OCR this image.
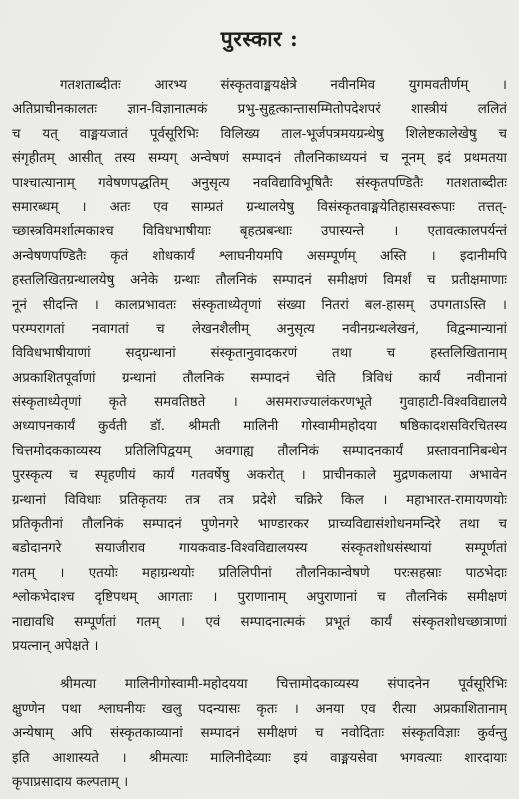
पुरस्कार :
गतशताब्दीतः आरभ्य संस्कृतवाङ्मयक्षेत्रे नवीनमिव युगमवतीर्णम् ।
अतिप्राचीनकालतः ज्ञान-विज्ञानात्मकं प्रभु-सुहृत्कान्तासम्मितोपदेशपरं शास्त्रीयं ललितं
च यत् वाङ्मयजातं पूर्वसूरिभिः विलिख्य ताल-भूर्जपत्रमयग्रन्थेषु शिलेष्टकालेखेषु च
संगृहीतम् आसीत् तस्य सम्यग् अन्वेषणं सम्पादनं तौलनिकाध्ययनं च नूनम् इदं प्रथमतया
पाश्चात्यानाम् गवेषणपद्धतिम् अनुसृत्य नवविद्याविभूषितैः संस्कृतपण्डितैः गतशताब्दीतः
समारब्धम् । अतः एव साम्प्रतं ग्रन्थालयेषु विसंस्कृतवाङ्मयेतिहासस्वरूपाः तत्तत्-
च्छास्त्रविमर्शात्मकाश्च विविधभाषीयाः बृहत्प्रबन्धाः उपास्यन्ते । एतावत्कालपर्यन्तं
अन्वेषणपण्डितैः कृतं शोधकार्यं श्लाघनीयमपि असम्पूर्णम् अस्ति । इदानीमपि
हस्तलिखितग्रन्थालयेषु अनेके ग्रन्थाः तौलनिकं सम्पादनं समीक्षणं विमर्शं च प्रतीक्षमाणाः
नूनं सीदन्ति । कालप्रभावतः संस्कृताध्येतृणां संख्या नितरां बल-हासम् उपगताऽस्ति ।
परम्परागतां नवागतां च लेखनशैलीम् अनुसृत्य नवीनग्रन्थलेखनं, विद्वन्मान्यानां
विविधभाषीयाणां सद्ग्रन्थानां संस्कृतानुवादकरणं तथा च हस्तलिखितानाम्
अप्रकाशितपूर्वाणां ग्रन्थानां तौलनिकं सम्पादनं चेति त्रिविधं कार्यं नवीनानां
संस्कृताध्येतृणां कृते समवतिष्ठते । असमराज्यालंकरणभूते गुवाहाटी-विश्वविद्यालये
अध्यापनकार्यं कुर्वती डॉ. श्रीमती मालिनी गोस्वामीमहोदया षष्ठिकादशसविरचितस्य
चित्तमोदककाव्यस्य प्रतिलिपिद्वयम् अवगाह्य तौलनिकं सम्पादनकार्यं प्रस्तावनानिबन्धेन
पुरस्कृत्य च स्पृहणीयं कार्यं गतवर्षेषु अकरोत् । प्राचीनकाले मुद्रणकलाया अभावेन
ग्रन्थानां विविधाः प्रतिकृतयः तत्र तत्र प्रदेशे चक्रिरे किल । महाभारत-रामायणयोः
प्रतिकृतीनां तौलनिकं सम्पादनं पुणेनगरे भाण्डारकर प्राच्यविद्यासंशोधनमन्दिरे तथा च
बडोदानगरे सयाजीराव गायकवाड-विश्वविद्यालयस्य संस्कृतशोधसंस्थायां सम्पूर्णतां
गतम् । एतयोः महाग्रन्थयोः प्रतिलिपीनां तौलनिकान्वेषणे परःसहस्राः पाठभेदाः
श्लोकभेदाश्च दृष्टिपथम् आगताः । पुराणानाम् अपुराणानां च तौलनिकं समीक्षणं
नाद्यावधि सम्पूर्णतां गतम् । एवं सम्पादनात्मकं प्रभूतं कार्यं संस्कृतशोधच्छात्राणां
प्रयत्नान् अपेक्षते ।
श्रीमत्या मालिनीगोस्वामी-महोदयया चित्तामोदकाव्यस्य संपादनेन पूर्वसूरिभिः
क्षुण्णेन पथा श्लाघनीयः खलु पदन्यासः कृतः । अनया एव रीत्या अप्रकाशितानाम्
अन्येषाम् अपि संस्कृतकाव्यानां सम्पादनं समीक्षणं च नवोदिताः संस्कृतविज्ञाः कुर्वन्तु
इति आशास्यते । श्रीमत्याः मालिनीदेव्याः इयं वाङ्मयसेवा भगवत्याः शारदायाः
कृपाप्रसादाय कल्पताम् ।
